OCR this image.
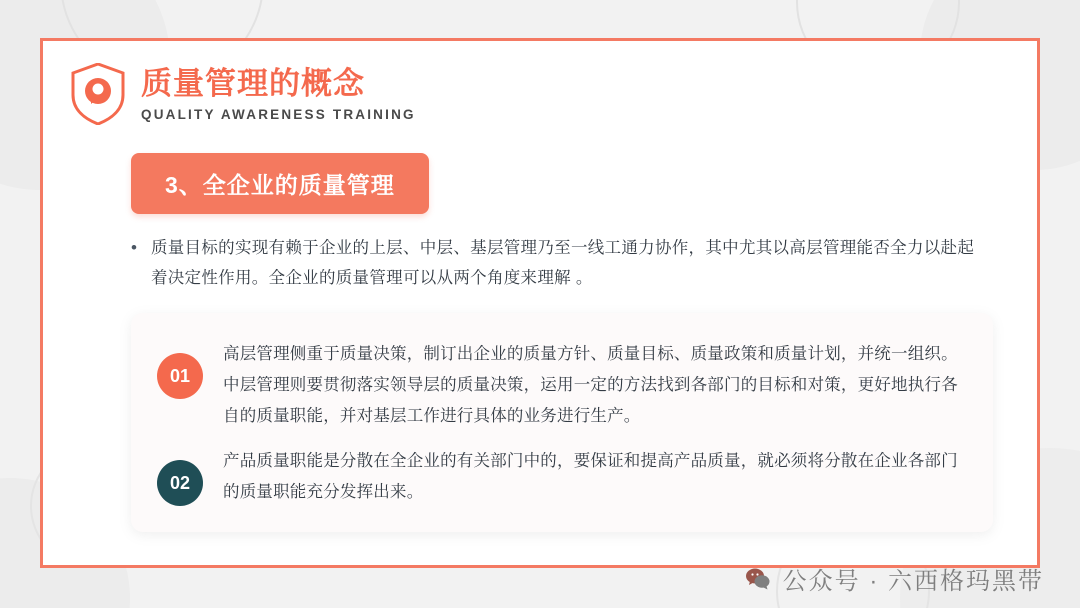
质量管理的概念
QUALITY AWARENESS TRAINING
3、全企业的质量管理
• 质量目标的实现有赖于企业的上层、中层、基层管理乃至一线工通力协作，其中尤其以高层管理能否全力以赴起着决定性作用。全企业的质量管理可以从两个角度来理解 。
01
高层管理侧重于质量决策，制订出企业的质量方针、质量目标、质量政策和质量计划，并统一组织。中层管理则要贯彻落实领导层的质量决策，运用一定的方法找到各部门的目标和对策，更好地执行各自的质量职能，并对基层工作进行具体的业务进行生产。
02
产品质量职能是分散在全企业的有关部门中的，要保证和提高产品质量，就必须将分散在企业各部门的质量职能充分发挥出来。
公众号 · 六西格玛黑带
